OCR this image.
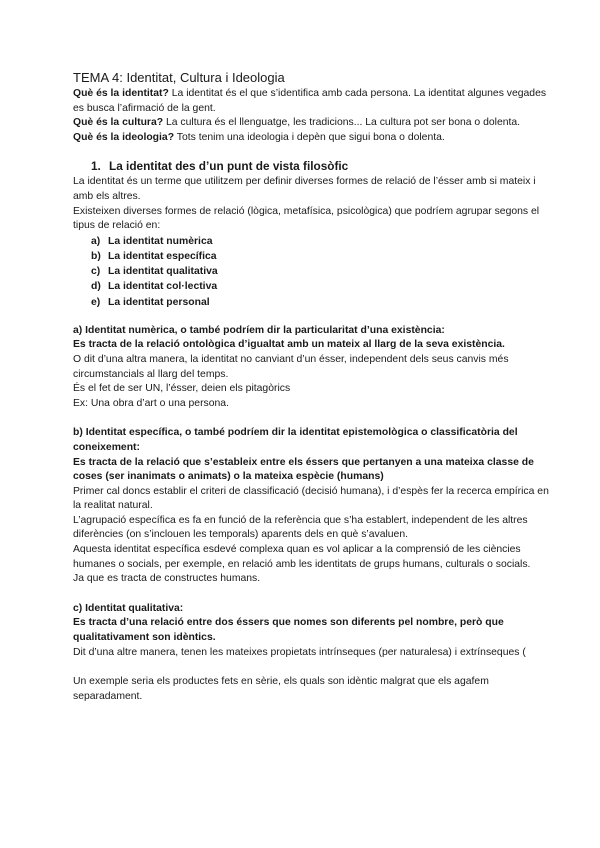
TEMA 4: Identitat, Cultura i Ideologia

Què és la identitat? La identitat és el que s’identifica amb cada persona. La identitat algunes vegades es busca l’afirmació de la gent.

Què és la cultura? La cultura és el llenguatge, les tradicions... La cultura pot ser bona o dolenta.

Què és la ideologia? Tots tenim una ideologia i depèn que sigui bona o dolenta.

1. La identitat des d’un punt de vista filosòfic

La identitat és un terme que utilitzem per definir diverses formes de relació de l’ésser amb si mateix i amb els altres.

Existeixen diverses formes de relació (lògica, metafísica, psicològica) que podríem agrupar segons el tipus de relació en:

a) La identitat numèrica
b) La identitat específica
c) La identitat qualitativa
d) La identitat col·lectiva
e) La identitat personal

a) Identitat numèrica, o també podríem dir la particularitat d’una existència:

Es tracta de la relació ontològica d’igualtat amb un mateix al llarg de la seva existència.

O dit d’una altra manera, la identitat no canviant d’un ésser, independent dels seus canvis més circumstancials al llarg del temps.

És el fet de ser UN, l’ésser, deien els pitagòrics

Ex: Una obra d’art o una persona.

b) Identitat específica, o també podríem dir la identitat epistemològica o classificatòria del coneixement:

Es tracta de la relació que s’estableix entre els éssers que pertanyen a una mateixa classe de coses (ser inanimats o animats) o la mateixa espècie (humans)

Primer cal doncs establir el criteri de classificació (decisió humana), i d’espès fer la recerca empírica en la realitat natural.

L’agrupació específica es fa en funció de la referència que s’ha establert, independent de les altres diferències (on s’inclouen les temporals) aparents dels en què s’avaluen.

Aquesta identitat específica esdevé complexa quan es vol aplicar a la comprensió de les ciències humanes o socials, per exemple, en relació amb les identitats de grups humans, culturals o socials.

Ja que es tracta de constructes humans.

c) Identitat qualitativa:

Es tracta d’una relació entre dos éssers que nomes son diferents pel nombre, però que qualitativament son idèntics.

Dit d’una altre manera, tenen les mateixes propietats intrínseques (per naturalesa) i extrínseques (

Un exemple seria els productes fets en sèrie, els quals son idèntic malgrat que els agafem separadament.
